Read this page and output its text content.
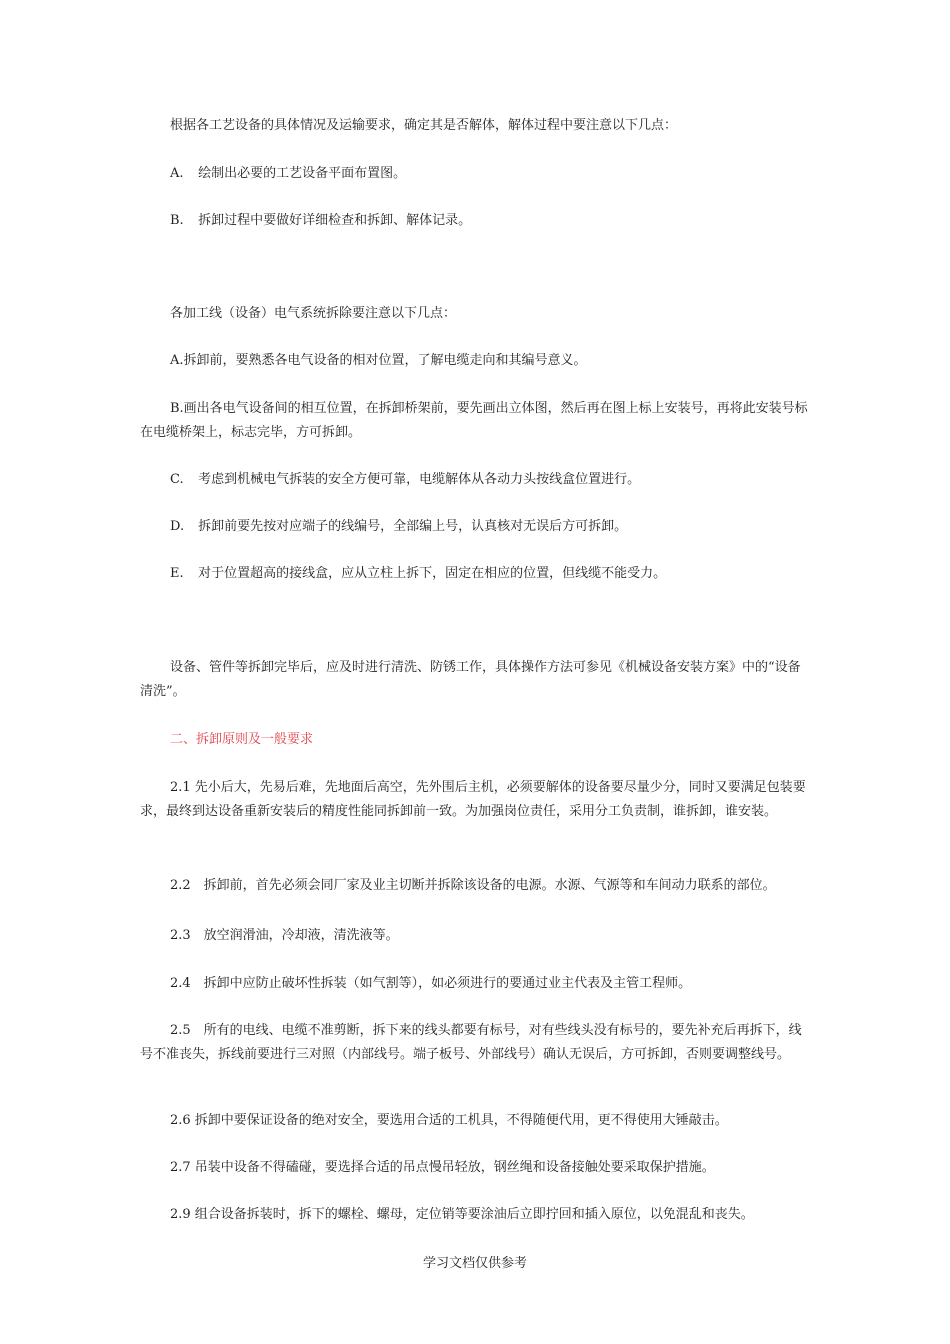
根据各工艺设备的具体情况及运输要求，确定其是否解体，解体过程中要注意以下几点：

A. 绘制出必要的工艺设备平面布置图。

B. 拆卸过程中要做好详细检查和拆卸、解体记录。

各加工线（设备）电气系统拆除要注意以下几点：

A.拆卸前，要熟悉各电气设备的相对位置，了解电缆走向和其编号意义。

B.画出各电气设备间的相互位置，在拆卸桥架前，要先画出立体图，然后再在图上标上安装号，再将此安装号标在电缆桥架上，标志完毕，方可拆卸。

C. 考虑到机械电气拆装的安全方便可靠，电缆解体从各动力头按线盒位置进行。

D. 拆卸前要先按对应端子的线编号，全部编上号，认真核对无误后方可拆卸。

E. 对于位置超高的接线盒，应从立柱上拆下，固定在相应的位置，但线缆不能受力。

设备、管件等拆卸完毕后，应及时进行清洗、防锈工作，具体操作方法可参见《机械设备安装方案》中的“设备清洗”。

二、拆卸原则及一般要求

2.1 先小后大，先易后难，先地面后高空，先外围后主机，必须要解体的设备要尽量少分，同时又要满足包装要求，最终到达设备重新安装后的精度性能同拆卸前一致。为加强岗位责任，采用分工负责制，谁拆卸，谁安装。

2.2　拆卸前，首先必须会同厂家及业主切断并拆除该设备的电源。水源、气源等和车间动力联系的部位。

2.3　放空润滑油，冷却液，清洗液等。

2.4　拆卸中应防止破坏性拆装（如气割等），如必须进行的要通过业主代表及主管工程师。

2.5　所有的电线、电缆不准剪断，拆下来的线头都要有标号，对有些线头没有标号的，要先补充后再拆下，线号不准丧失，拆线前要进行三对照（内部线号。端子板号、外部线号）确认无误后，方可拆卸，否则要调整线号。

2.6 拆卸中要保证设备的绝对安全，要选用合适的工机具，不得随便代用，更不得使用大锤敲击。

2.7 吊装中设备不得磕碰，要选择合适的吊点慢吊轻放，钢丝绳和设备接触处要采取保护措施。

2.9 组合设备拆装时，拆下的螺栓、螺母，定位销等要涂油后立即拧回和插入原位，以免混乱和丧失。

学习文档仅供参考
